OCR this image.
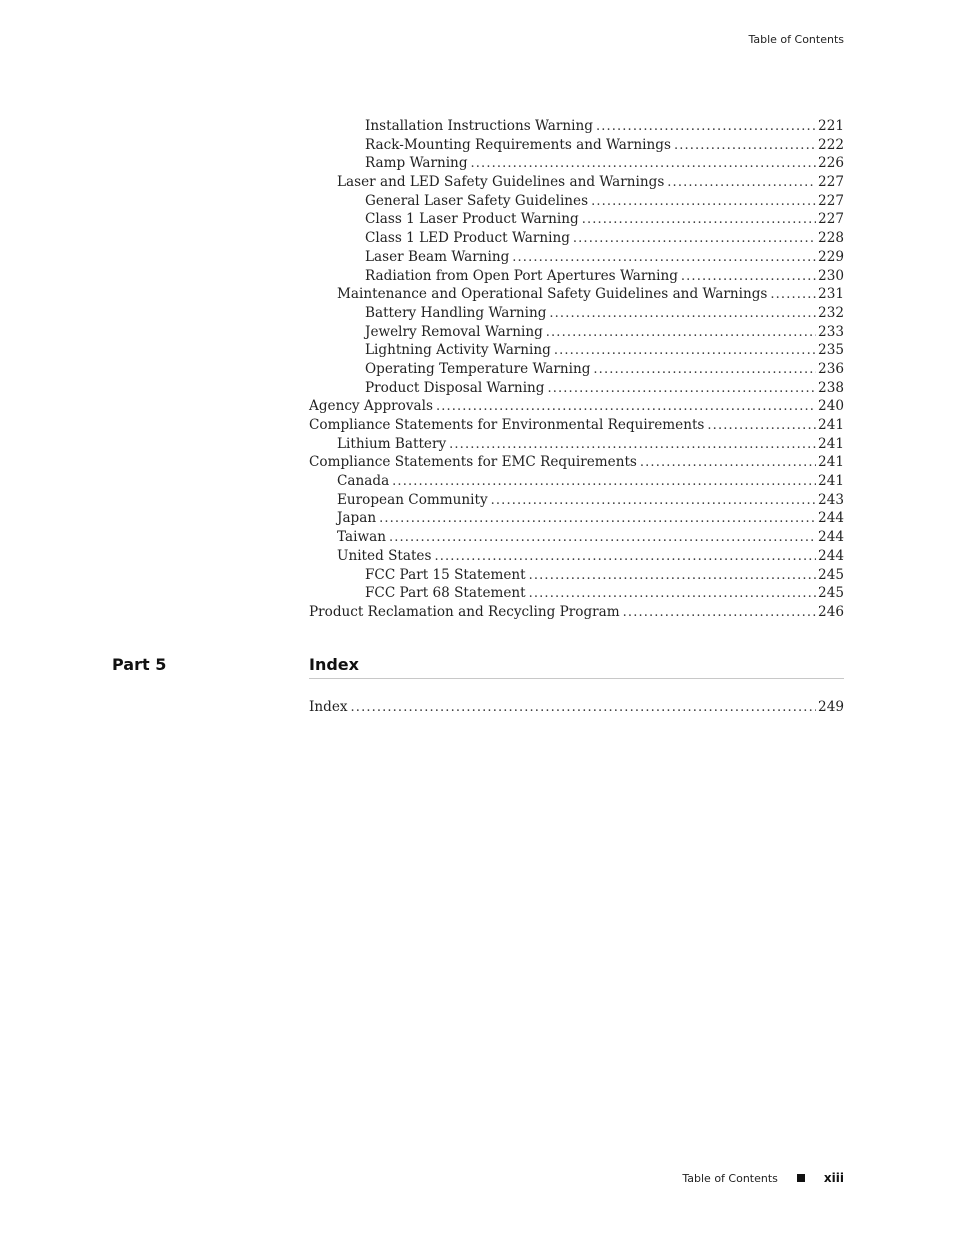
Table of Contents
Installation Instructions Warning . . .	221
Rack-Mounting Requirements and Warnings . . .	222
Ramp Warning . . .	226
Laser and LED Safety Guidelines and Warnings . . .	227
General Laser Safety Guidelines . . .	227
Class 1 Laser Product Warning . . .	227
Class 1 LED Product Warning . . .	228
Laser Beam Warning . . .	229
Radiation from Open Port Apertures Warning . . .	230
Maintenance and Operational Safety Guidelines and Warnings . . .	231
Battery Handling Warning . . .	232
Jewelry Removal Warning . . .	233
Lightning Activity Warning . . .	235
Operating Temperature Warning . . .	236
Product Disposal Warning . . .	238
Agency Approvals . . .	240
Compliance Statements for Environmental Requirements . . .	241
Lithium Battery . . .	241
Compliance Statements for EMC Requirements . . .	241
Canada . . .	241
European Community . . .	243
Japan . . .	244
Taiwan . . .	244
United States . . .	244
FCC Part 15 Statement . . .	245
FCC Part 68 Statement . . .	245
Product Reclamation and Recycling Program . . .	246
Part 5	Index
Index . . .	249
Table of Contents	xiii
